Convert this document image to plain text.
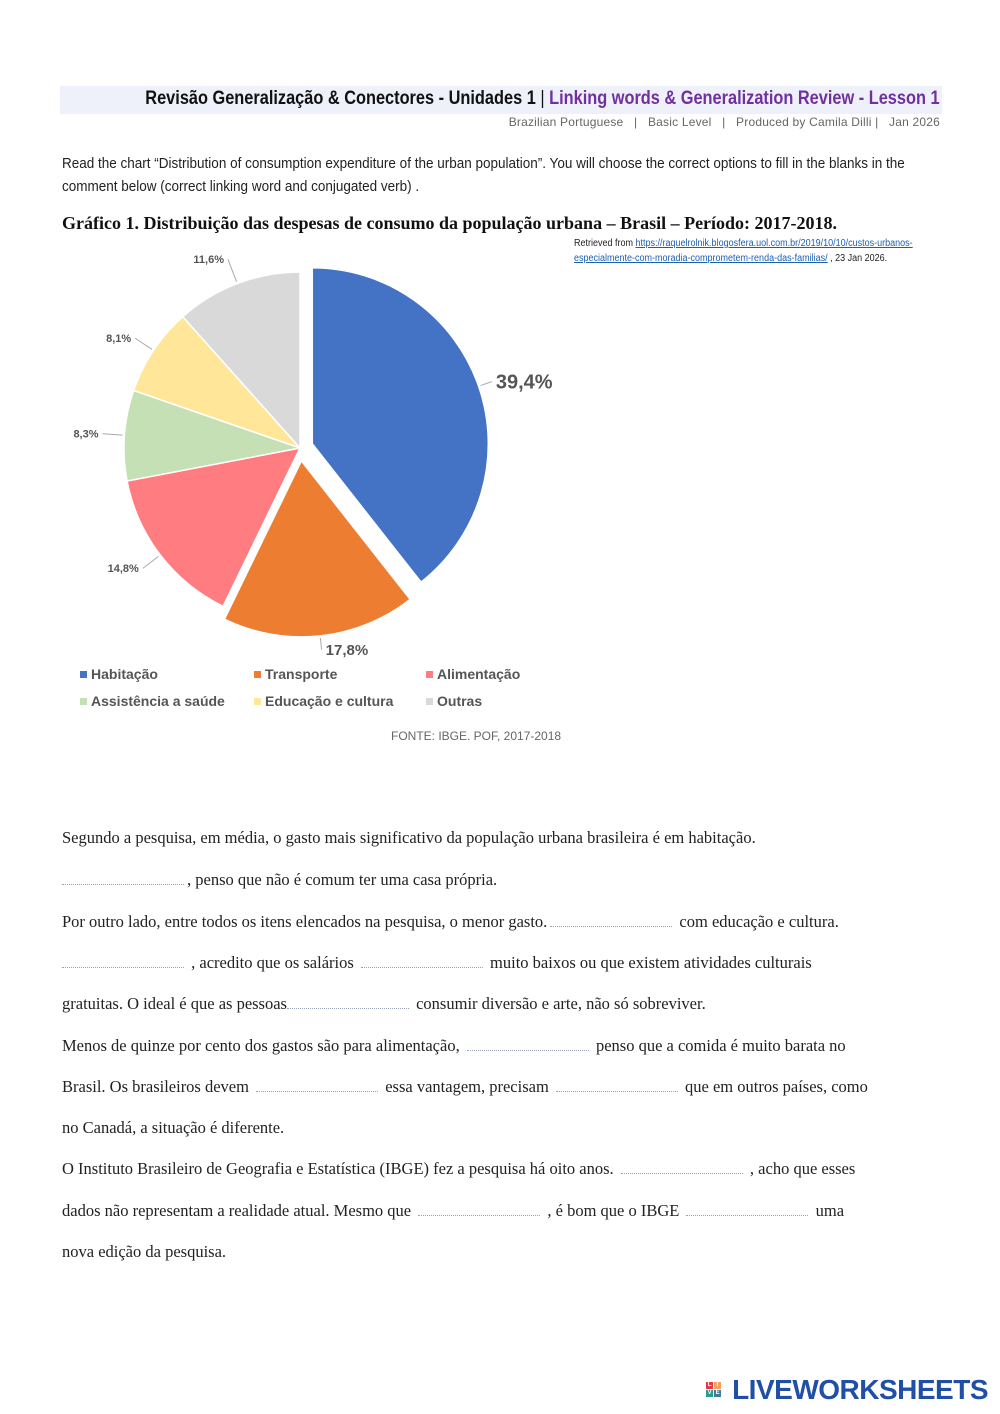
Revisão Generalização & Conectores - Unidades 1 | Linking words & Generalization Review - Lesson 1
Brazilian Portuguese   |   Basic Level   |   Produced by Camila Dilli |   Jan 2026
Read the chart “Distribution of consumption expenditure of the urban population”. You will choose the correct options to fill in the blanks in the comment below (correct linking word and conjugated verb) .
Gráfico 1. Distribuição das despesas de consumo da população urbana – Brasil – Período: 2017-2018.
Retrieved from https://raquelrolnik.blogosfera.uol.com.br/2019/10/10/custos-urbanos-especialmente-com-moradia-comprometem-renda-das-familias/ , 23 Jan 2026.
39,4%
17,8%
14,8%
8,3%
8,1%
11,6%
Habitação	Transporte	Alimentação
Assistência a saúde	Educação e cultura	Outras
FONTE: IBGE. POF, 2017-2018
Segundo a pesquisa, em média, o gasto mais significativo da população urbana brasileira é em habitação.
, penso que não é comum ter uma casa própria.
Por outro lado, entre todos os itens elencados na pesquisa, o menor gasto.	com educação e cultura.
, acredito que os salários	muito baixos ou que existem atividades culturais
gratuitas. O ideal é que as pessoas	consumir diversão e arte, não só sobreviver.
Menos de quinze por cento dos gastos são para alimentação,	penso que a comida é muito barata no
Brasil. Os brasileiros devem	essa vantagem, precisam	que em outros países, como
no Canadá, a situação é diferente.
O Instituto Brasileiro de Geografia e Estatística (IBGE) fez a pesquisa há oito anos.	, acho que esses
dados não representam a realidade atual. Mesmo que	, é bom que o IBGE	uma
nova edição da pesquisa.
L I
V E LIVEWORKSHEETS
